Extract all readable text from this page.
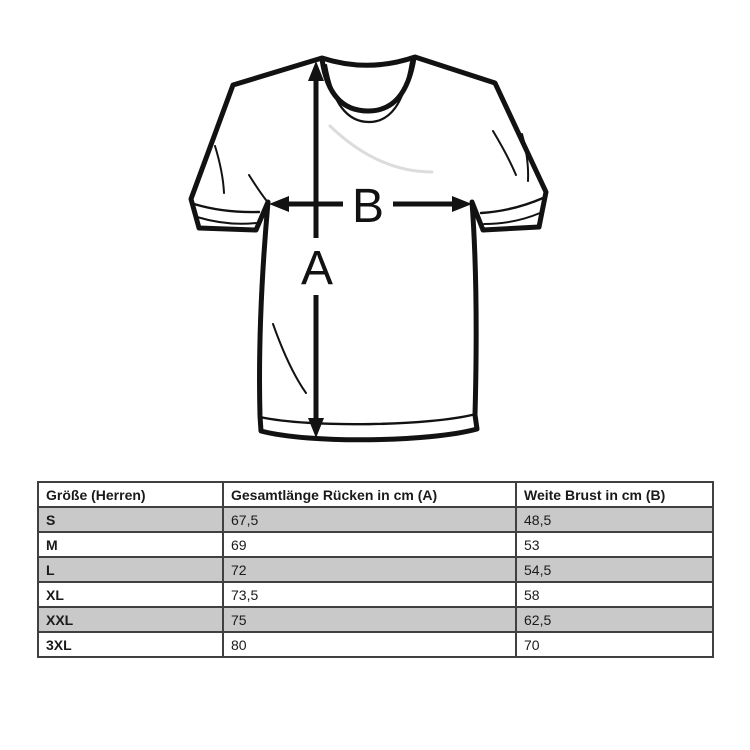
A
B
Größe (Herren)	Gesamtlänge Rücken in cm (A)	Weite Brust in cm (B)
S	67,5	48,5
M	69	53
L	72	54,5
XL	73,5	58
XXL	75	62,5
3XL	80	70
